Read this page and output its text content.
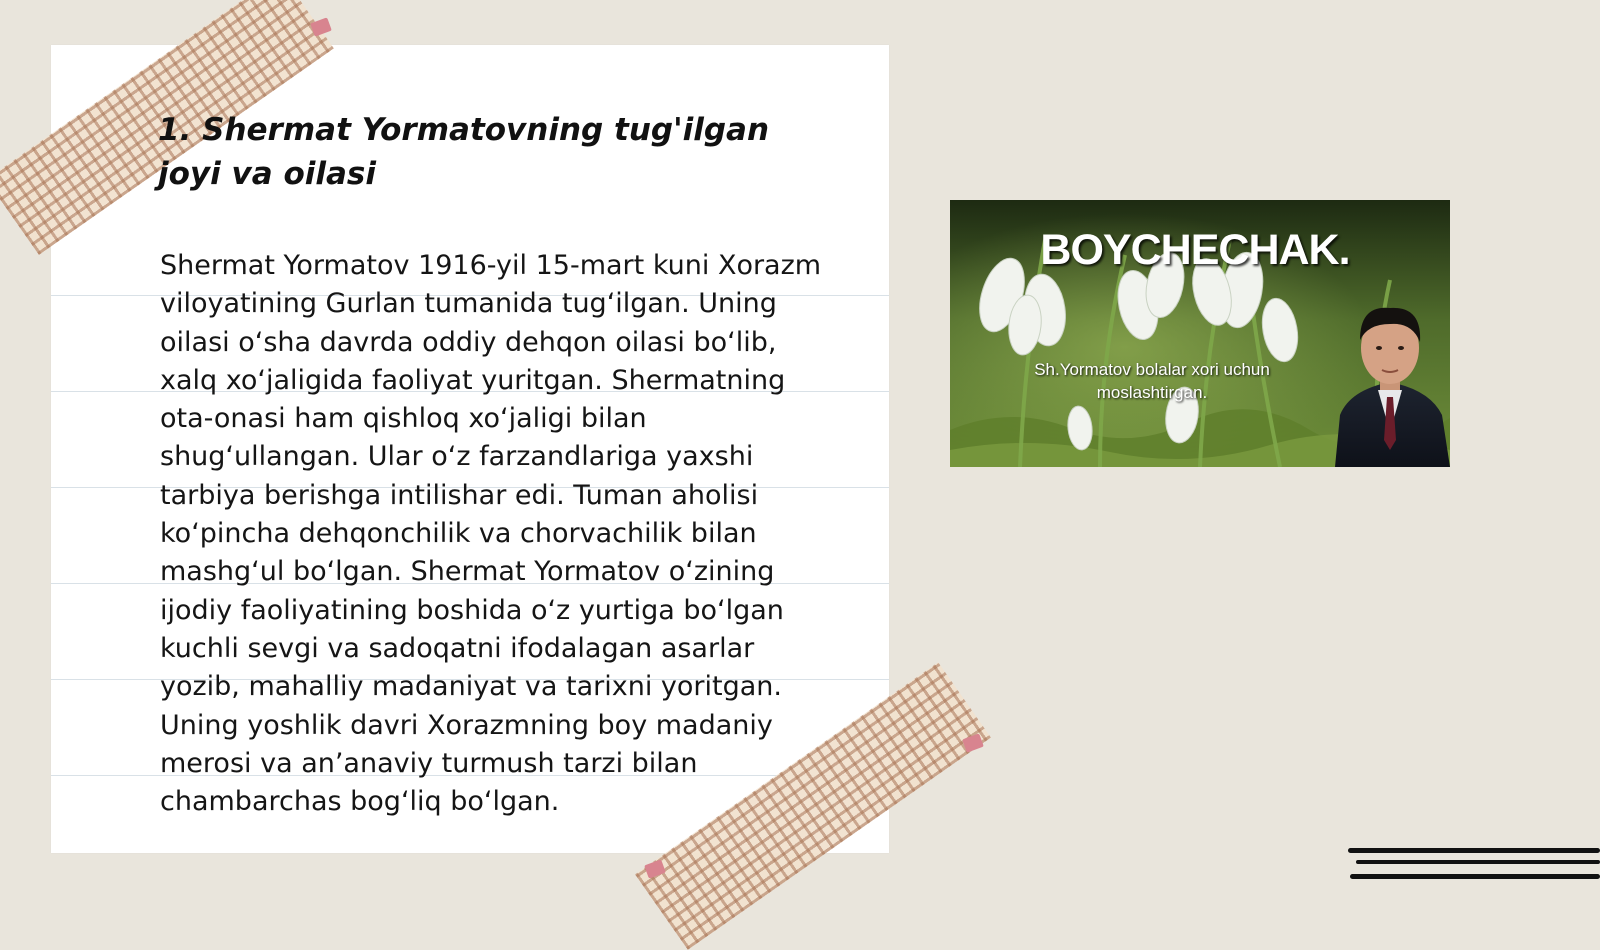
1. Shermat Yormatovning tug'ilgan joyi va oilasi

Shermat Yormatov 1916-yil 15-mart kuni Xorazm viloyatining Gurlan tumanida tug‘ilgan. Uning oilasi o‘sha davrda oddiy dehqon oilasi bo‘lib, xalq xo‘jaligida faoliyat yuritgan. Shermatning ota-onasi ham qishloq xo‘jaligi bilan shug‘ullangan. Ular o‘z farzandlariga yaxshi tarbiya berishga intilishar edi. Tuman aholisi ko‘pincha dehqonchilik va chorvachilik bilan mashg‘ul bo‘lgan. Shermat Yormatov o‘zining ijodiy faoliyatining boshida o‘z yurtiga bo‘lgan kuchli sevgi va sadoqatni ifodalagan asarlar yozib, mahalliy madaniyat va tarixni yoritgan. Uning yoshlik davri Xorazmning boy madaniy merosi va an’anaviy turmush tarzi bilan chambarchas bog‘liq bo‘lgan.

BOYCHECHAK.
Sh.Yormatov bolalar xori uchun moslashtirgan.
